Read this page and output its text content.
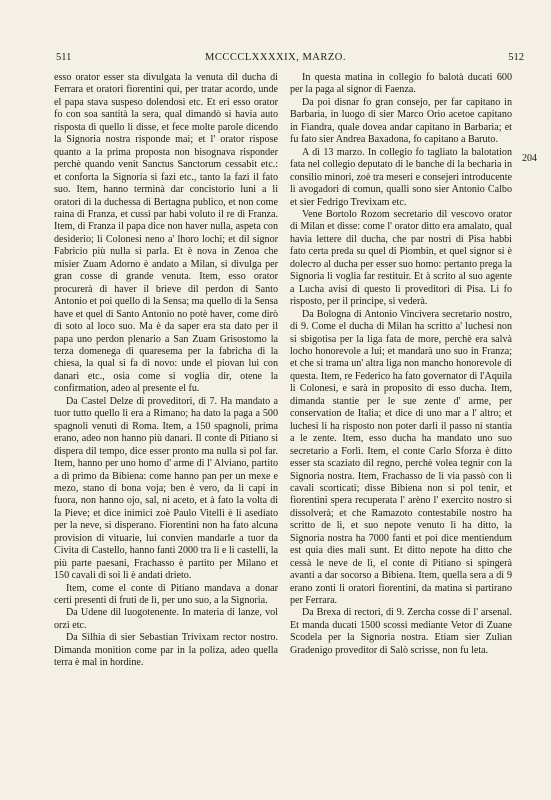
511	MCCCCLXXXXIX, MARZO.	512

esso orator esser sta divulgata la venuta dil ducha di Ferrara et oratori fiorentini qui, per tratar acordo, unde el papa stava suspeso dolendosi etc. Et eri esso orator fo con soa santità la sera, qual dimandò si havia auto risposta di quello li disse, et fece molte parole dicendo la Signoria nostra risponde mai; et l' orator rispose quanto a la prima proposta non bisognava risponder perchè quando venit Sanctus Sanctorum cessabit etc.: et conforta la Signoria si fazi etc., tanto la fazi il fato suo. Item, hanno terminà dar concistorio luni a li oratori di la duchessa di Bertagna publico, et non come raina di Franza, et cussì par habi voluto il re di Franza. Item, di Franza il papa dice non haver nulla, aspeta con desiderio; li Colonesi neno a' lhoro lochi; et dil signor Fabricio più nulla si parla. Et è nova in Zenoa che misier Zuam Adorno è andato a Milan, si divulga per gran cosse di grande venuta. Item, esso orator procurerà di haver il brieve dil perdon di Santo Antonio et poi quello di la Sensa; ma quello di la Sensa have et quel di Santo Antonio no potè haver, come dirò di soto al loco suo. Ma è da saper era sta dato per il papa uno perdon plenario a San Zuam Grisostomo la terza domenega di quaresema per la fabricha di la chiesa, la qual si fa di novo: unde el piovan lui con danari etc., osia come si voglia dir, otene la confirmation, adeo al presente el fu.

Da Castel Delze di proveditori, di 7. Ha mandato a tuor tutto quello li era a Rimano; ha dato la paga a 500 spagnoli venuti di Roma. Item, a 150 spagnoli, prima erano, adeo non hanno più danari. Il conte di Pitiano si dispera dil tempo, dice esser pronto ma nulla si pol far. Item, hanno per uno homo d' arme di l' Alviano, partito a dì primo da Bibiena: come hanno pan per un mexe e mezo, stano di bona voja; ben è vero, da li capi in fuora, non hanno ojo, sal, ni aceto, et à fato la volta di la Pieve; et dice inimici zoè Paulo Vitelli è li asediato per la neve, si disperano. Fiorentini non ha fato alcuna provision di vituarie, lui convien mandarle a tuor da Civita di Castello, hanno fanti 2000 tra lì e li castelli, la più parte paesani, Frachasso è partito per Milano et 150 cavali di soi li è andati drieto.

Item, come el conte di Pitiano mandava a donar certi presenti di fruti de lì, per uno suo, a la Signoria.

Da Udene dil luogotenente. In materia di lanze, vol orzi etc.

Da Sìlhia di sier Sebastian Trivixam rector nostro. Dimanda monition come par in la poliza, adeo quella terra è mal in hordine.

In questa matina in collegio fo balotà ducati 600 per la paga al signor di Faenza.

Da poi disnar fo gran consejo, per far capitano in Barbaria, in luogo di sier Marco Orio acetoe capitano in Fiandra, quale dovea andar capitano in Barbaria; et fu fato sier Andrea Baxadona, fo capitano a Baruto.

A dì 13 marzo. In collegio fo tagliato la balotation fata nel collegio deputato di le banche di la becharia in consilio minori, zoè tra meseri e consejeri introducente li avogadori di comun, qualli sono sier Antonio Calbo et sier Fedrigo Trevixam etc.

Vene Bortolo Rozom secretario dil vescovo orator di Milan et disse: come l' orator ditto era amalato, qual havia lettere dil ducha, che par nostri di Pisa habbi fato certa preda su quel di Piombin, et quel signor si è doleсто al ducha per esser suo homo: pertanto prega la Signoria li voglia far restituir. Et à scrito al suo agente a Lucha avisi di questo li proveditori di Pisa. Li fo risposto, per il principe, si vederà.

Da Bologna di Antonio Vincivera secretario nostro, di 9. Come el ducha di Milan ha scritto a' luchesi non si sbigotisa per la liga fata de more, perchè era salvà locho honorevole a lui; et mandarà uno suo in Franza; et che si trama un' altra liga non mancho honorevole di questa. Item, re Federico ha fato governator di l'Aquila li Colonesi, e sarà in proposito di esso ducha. Item, dimanda stantie per le sue zente d' arme, per conservation de Italia; et dice di uno mar a l' altro; et luchesi li ha risposto non poter darli il passo ni stantia a le zente. Item, esso ducha ha mandato uno suo secretario a Forlì. Item, el conte Carlo Sforza è ditto esser sta scaziato dil regno, perchè volea tegnir con la Signoria nostra. Item, Frachasso de lì via passò con li cavali scorticati; disse Bibiena non si pol tenir, et fiorentini spera recuperata l' arèno l' exercito nostro si dissolverà; et che Ramazoto contestabile nostro ha scritto de lì, et suo nepote venuto lì ha ditto, la Signoria nostra ha 7000 fanti et poi dice mentiendum est quia dies mali sunt. Et ditto nepote ha ditto che cessà le neve de lì, el conte di Pitiano si spingerà avanti a dar socorso a Bibiena. Item, quella sera a dì 9 erano zonti li oratori fiorentini, da matina si partirano per Ferrara.

Da Brexa di rectori, di 9. Zercha cosse di l' arsenal. Et manda ducati 1500 scossi mediante Vetor di Zuane Scodela per la Signoria nostra. Etiam sier Zulian Gradenigo proveditor di Salò scrisse, non fu leta.

204
